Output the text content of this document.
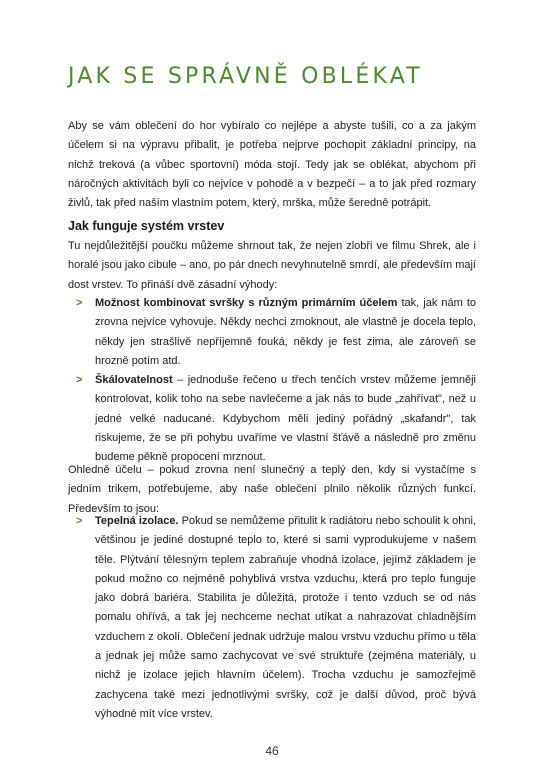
JAK SE SPRÁVNĚ OBLÉKAT

Aby se vám oblečení do hor vybíralo co nejlépe a abyste tušili, co a za jakým účelem si na výpravu přibalit, je potřeba nejprve pochopit základní principy, na nichž treková (a vůbec sportovní) móda stojí. Tedy jak se oblékat, abychom při náročných aktivitách byli co nejvíce v pohodě a v bezpečí – a to jak před rozmary živlů, tak před naším vlastním potem, který, mrška, může šeredně potrápit.

Jak funguje systém vrstev

Tu nejdůležitější poučku můžeme shrnout tak, že nejen zlobři ve filmu Shrek, ale i horalé jsou jako cibule – ano, po pár dnech nevyhnutelně smrdí, ale především mají dost vrstev. To přináší dvě zásadní výhody:

> Možnost kombinovat svršky s různým primárním účelem tak, jak nám to zrovna nejvíce vyhovuje. Někdy nechci zmoknout, ale vlastně je docela teplo, někdy jen strašlivě nepříjemně fouká, někdy je fest zima, ale zároveň se hrozně potím atd.
> Škálovatelnost – jednoduše řečeno u třech tenčích vrstev můžeme jemněji kontrolovat, kolik toho na sebe navlečeme a jak nás to bude „zahřívat", než u jedné velké naducané. Kdybychom měli jediný pořádný „skafandr", tak riskujeme, že se při pohybu uvaříme ve vlastní šťávě a následně pro změnu budeme pěkně propocení mrznout.

Ohledně účelu – pokud zrovna není slunečný a teplý den, kdy si vystačíme s jedním trikem, potřebujeme, aby naše oblečení plnilo několik různých funkcí. Především to jsou:

> Tepelná izolace. Pokud se nemůžeme přitulit k radiátoru nebo schoulit k ohni, většinou je jediné dostupné teplo to, které si sami vyprodukujeme v našem těle. Plýtvání tělesným teplem zabraňuje vhodná izolace, jejímž základem je pokud možno co nejméně pohyblivá vrstva vzduchu, která pro teplo funguje jako dobrá bariéra. Stabilita je důležitá, protože i tento vzduch se od nás pomalu ohřívá, a tak jej nechceme nechat utíkat a nahrazovat chladnějším vzduchem z okolí. Oblečení jednak udržuje malou vrstvu vzduchu přímo u těla a jednak jej může samo zachycovat ve své struktuře (zejména materiály, u nichž je izolace jejich hlavním účelem). Trocha vzduchu je samozřejmě zachycena také mezi jednotlivými svršky, což je další důvod, proč bývá výhodné mít více vrstev.
46
